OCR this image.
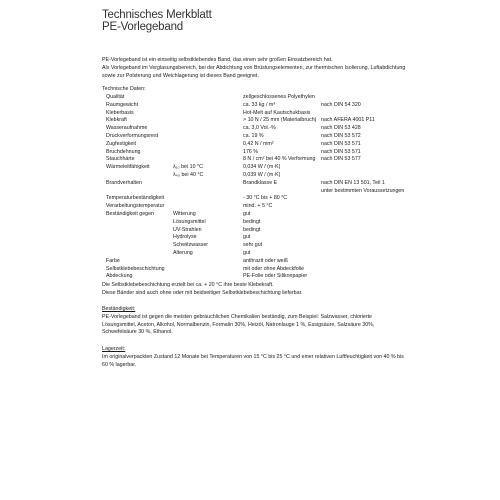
Technisches Merkblatt
PE-Vorlegeband
PE-Vorlegeband ist ein einseitig selbstklebendes Band, das einen sehr großen Einsatzbereich hat.
Als Vorlegeband im Verglasungsbereich, bei der Abdichtung von Brüstungselementen, zur thermischen Isolierung, Luftabdichtung
sowie zur Polsterung und Weichlagerung ist dieses Band geeignet.
Technische Daten:
Qualität	zellgeschlossenes Polyethylen
Raumgewicht	ca. 33 kg / m³	nach DIN 54 320
Kleberbasis	Hot-Melt auf Kautschukbasis
Klebkraft	> 10 N / 25 mm (Materialbruch) nach AFERA 4001 P11
Wasseraufnahme	ca. 3,0 Vol.-%	nach DIN 53 428
Druckverformungsrest	ca. 19 %	nach DIN 53 572
Zugfestigkeit	0,42 N / mm²	nach DIN 53 571
Bruchdehnung	176 %	nach DIN 53 571
Stauchhärte	8 N / cm² bei 40 % Verformung nach DIN 53 577
Wärmeleitfähigkeit	λ₁₀ bei 10 °C	0,034 W / (m·K)
λ₄₀ bei 40 °C	0,039 W / (m·K)
Brandverhalten	Brandklasse E	nach DIN EN 13 501, Teil 1
unter bestimmten Voraussetzungen
Temperaturbeständigkeit	- 30 °C bis + 80 °C
Verarbeitungstemperatur	mind. + 5 °C
Beständigkeit gegen	Witterung	gut
Lösungsmittel	bedingt
UV-Strahlen	bedingt
Hydrolyse	gut
Schwitzwasser	sehr gut
Alterung	gut
Farbe	anthrazit oder weiß
Selbstklebebeschichtung	mit oder ohne Abdeckfolie
Abdeckung	PE-Folie oder Silikonpapier
Die Selbstklebebeschichtung erzielt bei ca. + 20 °C ihre beste Klebekraft.
Diese Bänder sind auch ohne oder mit beidseitiger Selbstklebebeschichtung lieferbar.
Beständigkeit:
PE-Vorlegeband ist gegen die meisten gebräuchlichen Chemikalien beständig, zum Beispiel: Salzwasser, chlorierte
Lösungsmittel, Aceton, Alkohol, Normalbenzin, Formalin 30%, Heizöl, Natronlauge 1 %, Essigsäure, Salzsäure 30%,
Schwefelsäure 30 %, Ethanol.
Lagerzeit:
Im originalverpackten Zustand 12 Monate bei Temperaturen von 15 °C bis 25 °C und einer relativen Luftfeuchtigkeit von 40 % bis
60 % lagerbar.
